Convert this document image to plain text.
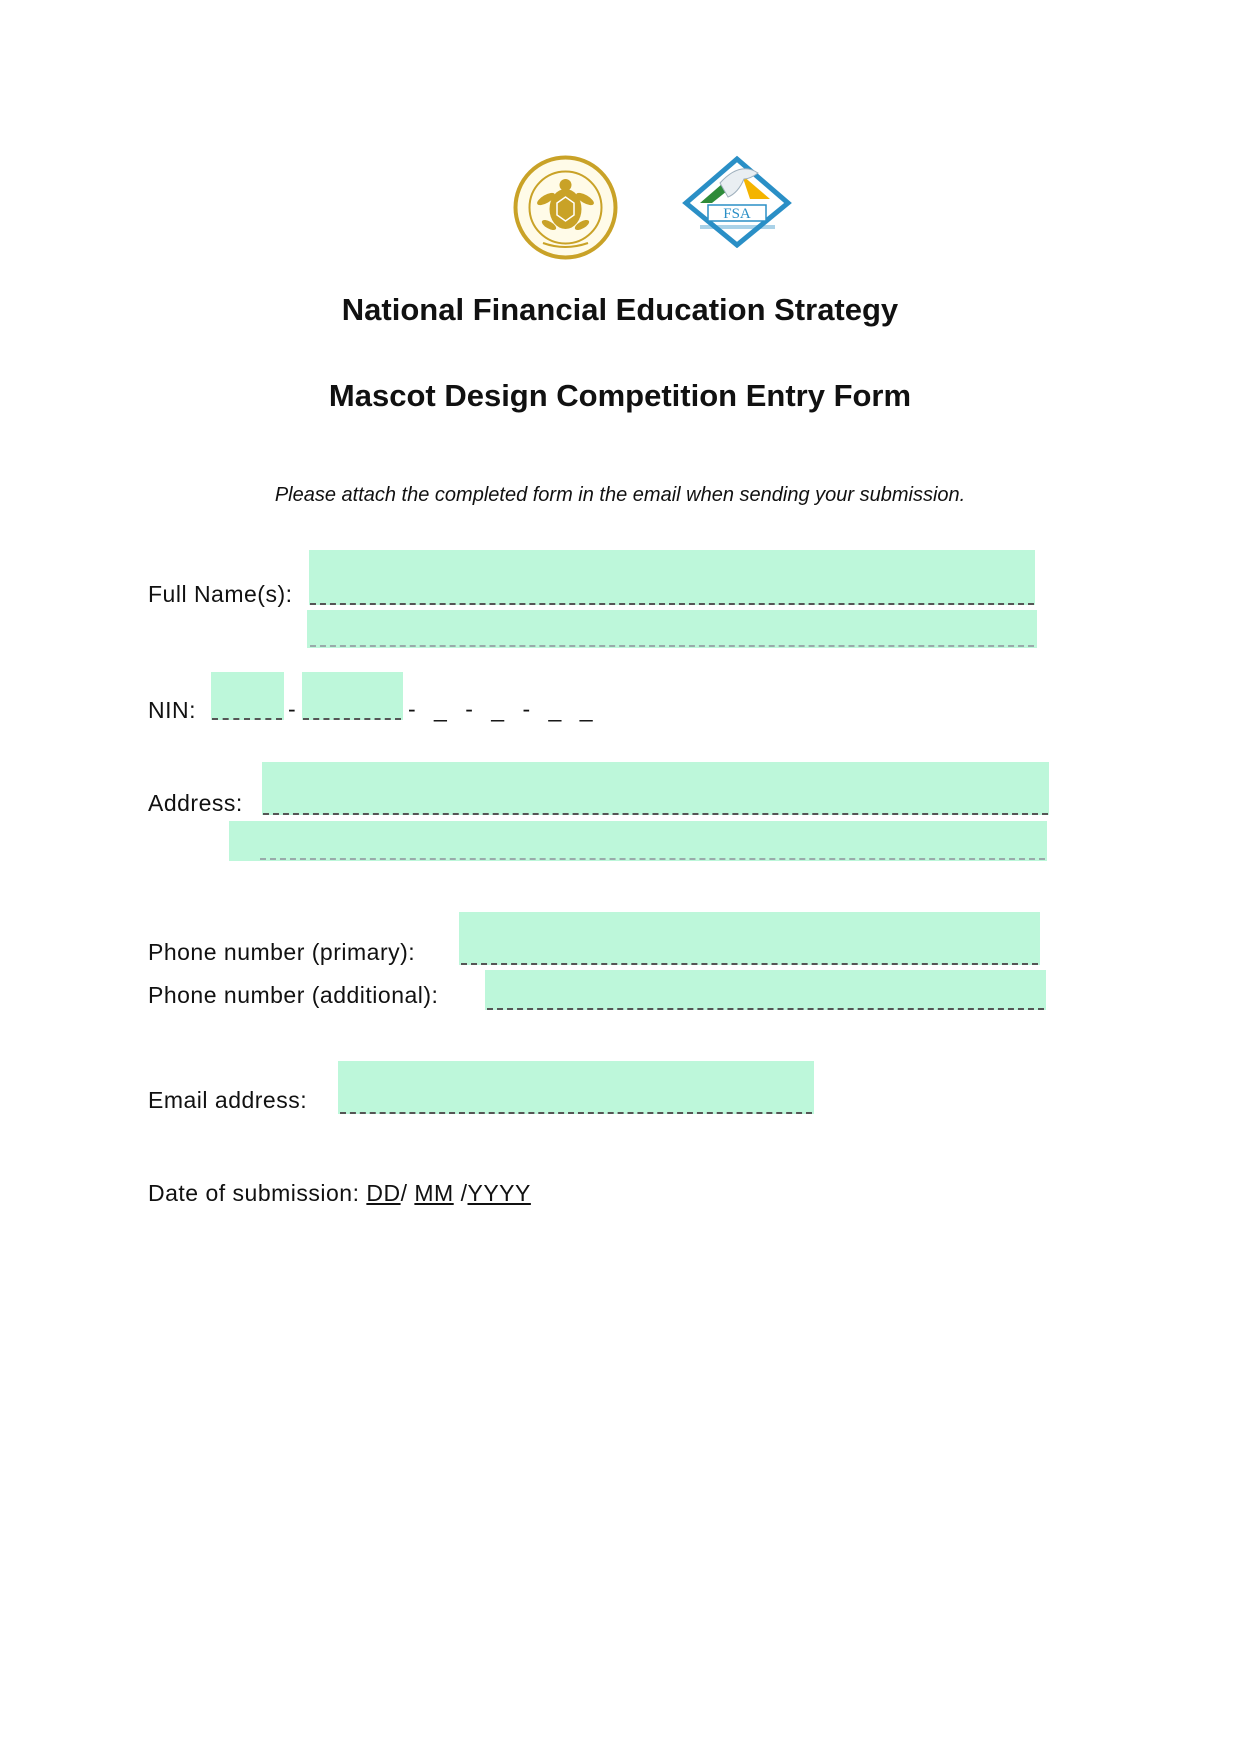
FSA
National Financial Education Strategy
Mascot Design Competition Entry Form
Please attach the completed form in the email when sending your submission.
Full Name(s):
NIN:	-	- _ - _ - _ _
Address:
Phone number (primary):
Phone number (additional):
Email address:
Date of submission: DD/ MM /YYYY
